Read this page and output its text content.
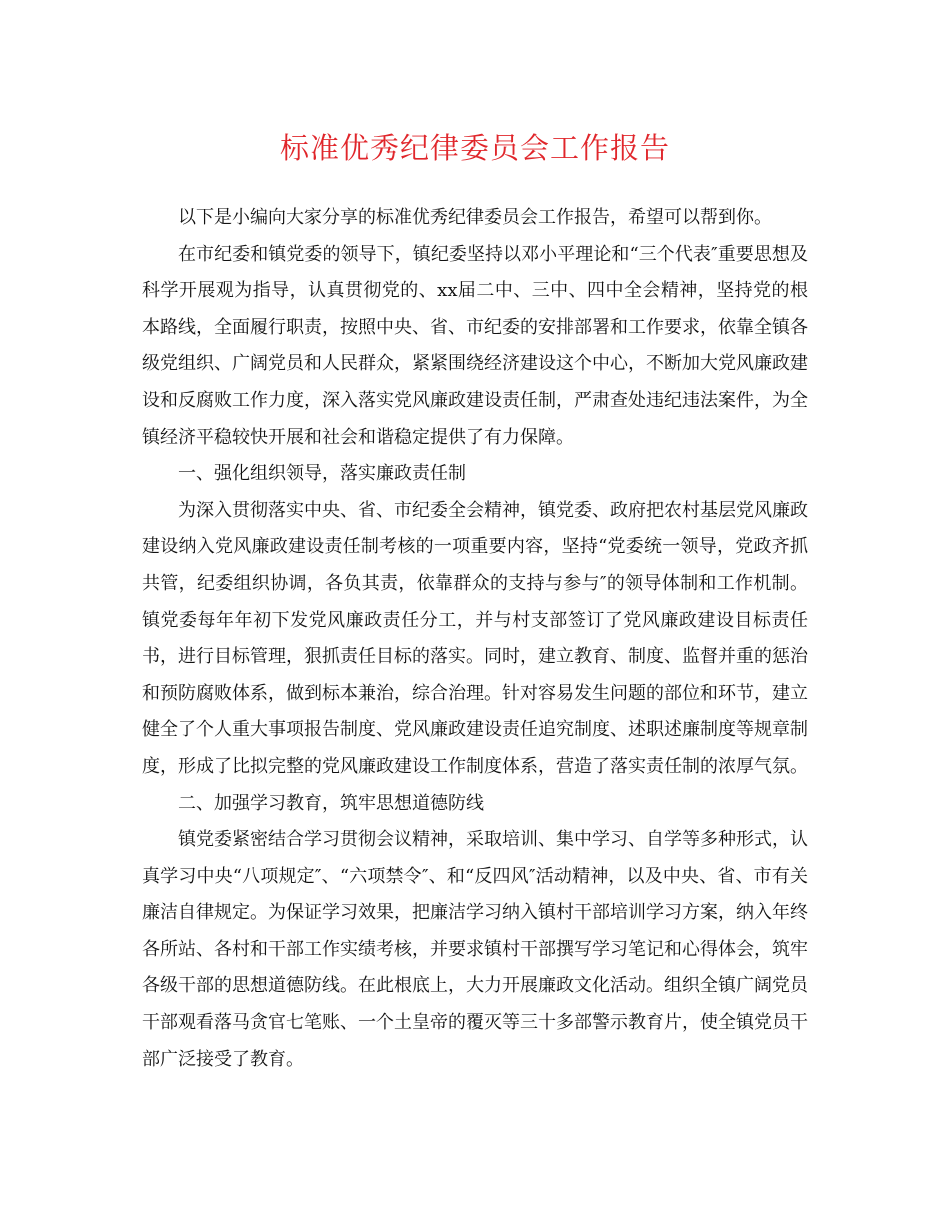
标准优秀纪律委员会工作报告

以下是小编向大家分享的标准优秀纪律委员会工作报告，希望可以帮到你。

在市纪委和镇党委的领导下，镇纪委坚持以邓小平理论和“三个代表″重要思想及科学开展观为指导，认真贯彻党的、xx届二中、三中、四中全会精神，坚持党的根本路线，全面履行职责，按照中央、省、市纪委的安排部署和工作要求，依靠全镇各级党组织、广阔党员和人民群众，紧紧围绕经济建设这个中心，不断加大党风廉政建设和反腐败工作力度，深入落实党风廉政建设责任制，严肃查处违纪违法案件，为全镇经济平稳较快开展和社会和谐稳定提供了有力保障。

一、强化组织领导，落实廉政责任制

为深入贯彻落实中央、省、市纪委全会精神，镇党委、政府把农村基层党风廉政建设纳入党风廉政建设责任制考核的一项重要内容，坚持“党委统一领导，党政齐抓共管，纪委组织协调，各负其责，依靠群众的支持与参与″的领导体制和工作机制。镇党委每年年初下发党风廉政责任分工，并与村支部签订了党风廉政建设目标责任书，进行目标管理，狠抓责任目标的落实。同时，建立教育、制度、监督并重的惩治和预防腐败体系，做到标本兼治，综合治理。针对容易发生问题的部位和环节，建立健全了个人重大事项报告制度、党风廉政建设责任追究制度、述职述廉制度等规章制度，形成了比拟完整的党风廉政建设工作制度体系，营造了落实责任制的浓厚气氛。

二、加强学习教育，筑牢思想道德防线

镇党委紧密结合学习贯彻会议精神，采取培训、集中学习、自学等多种形式，认真学习中央“八项规定″、“六项禁令″、和“反四风″活动精神，以及中央、省、市有关廉洁自律规定。为保证学习效果，把廉洁学习纳入镇村干部培训学习方案，纳入年终各所站、各村和干部工作实绩考核，并要求镇村干部撰写学习笔记和心得体会，筑牢各级干部的思想道德防线。在此根底上，大力开展廉政文化活动。组织全镇广阔党员干部观看落马贪官七笔账、一个土皇帝的覆灭等三十多部警示教育片，使全镇党员干部广泛接受了教育。
